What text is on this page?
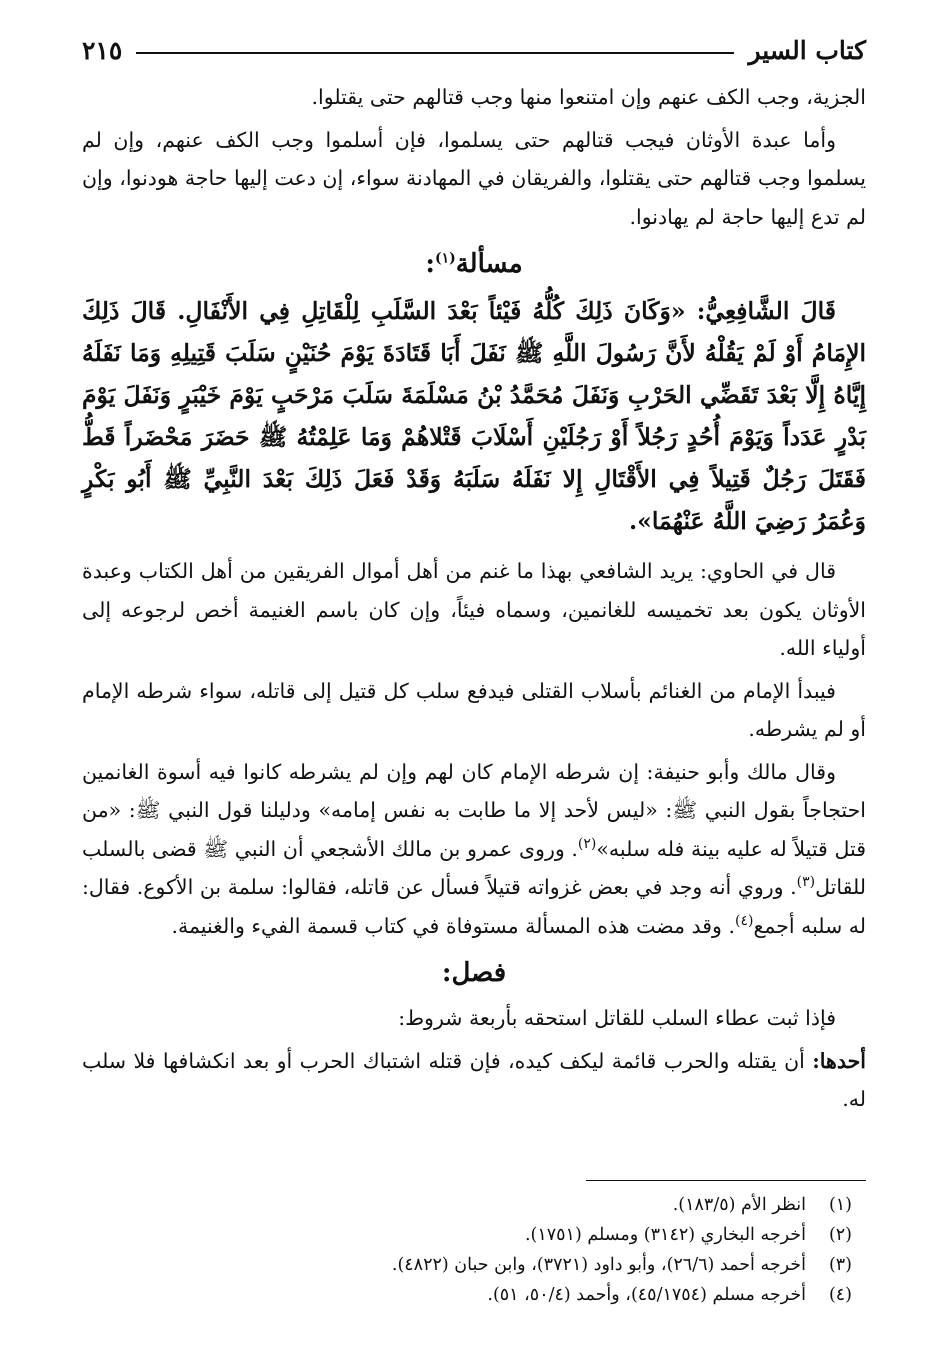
كتاب السير
٢١٥

الجزية، وجب الكف عنهم وإن امتنعوا منها وجب قتالهم حتى يقتلوا.

وأما عبدة الأوثان فيجب قتالهم حتى يسلموا، فإن أسلموا وجب الكف عنهم، وإن لم يسلموا وجب قتالهم حتى يقتلوا، والفريقان في المهادنة سواء، إن دعت إليها حاجة هودنوا، وإن لم تدع إليها حاجة لم يهادنوا.

مسألة$^{(١)}$:

قَالَ الشَّافِعِيُّ: «وَكَانَ ذَلِكَ كُلُّهُ فَيْئاً بَعْدَ السَّلَبِ لِلْقَاتِلِ فِي الأَنْفَالِ. قَالَ ذَلِكَ الإِمَامُ أَوْ لَمْ يَقُلْهُ لأَنَّ رَسُولَ اللَّهِ ﷺ نَفَلَ أَبَا قَتَادَةَ يَوْمَ حُنَيْنٍ سَلَبَ قَتِيلِهِ وَمَا نَفَلَهُ إِيَّاهُ إِلَّا بَعْدَ تَقَضِّي الحَرْبِ وَنَفَلَ مُحَمَّدُ بْنُ مَسْلَمَةَ سَلَبَ مَرْحَبٍ يَوْمَ خَيْبَرٍ وَنَفَلَ يَوْمَ بَدْرٍ عَدَداً وَيَوْمَ أُحُدٍ رَجُلاً أَوْ رَجُلَيْنِ أَسْلَابَ قَتْلاهُمْ وَمَا عَلِمْتُهُ ﷺ حَضَرَ مَحْضَراً قَطُّ فَقَتَلَ رَجُلٌ قَتِيلاً فِي الأَقْتَالِ إِلا نَفَلَهُ سَلَبَهُ وَقَدْ فَعَلَ ذَلِكَ بَعْدَ النَّبِيِّ ﷺ أَبُو بَكْرٍ وَعُمَرُ رَضِيَ اللَّهُ عَنْهُمَا».

قال في الحاوي: يريد الشافعي بهذا ما غنم من أهل أموال الفريقين من أهل الكتاب وعبدة الأوثان يكون بعد تخميسه للغانمين، وسماه فيئاً، وإن كان باسم الغنيمة أخص لرجوعه إلى أولياء الله.

فيبدأ الإمام من الغنائم بأسلاب القتلى فيدفع سلب كل قتيل إلى قاتله، سواء شرطه الإمام أو لم يشرطه.

وقال مالك وأبو حنيفة: إن شرطه الإمام كان لهم وإن لم يشرطه كانوا فيه أسوة الغانمين احتجاجاً بقول النبي ﷺ: «ليس لأحد إلا ما طابت به نفس إمامه» ودليلنا قول النبي ﷺ: «من قتل قتيلاً له عليه بينة فله سلبه»$^{(٢)}$. وروى عمرو بن مالك الأشجعي أن النبي ﷺ قضى بالسلب للقاتل$^{(٣)}$. وروي أنه وجد في بعض غزواته قتيلاً فسأل عن قاتله، فقالوا: سلمة بن الأكوع. فقال: له سلبه أجمع$^{(٤)}$. وقد مضت هذه المسألة مستوفاة في كتاب قسمة الفيء والغنيمة.

فصل:

فإذا ثبت عطاء السلب للقاتل استحقه بأربعة شروط:

أحدها: أن يقتله والحرب قائمة ليكف كيده، فإن قتله اشتباك الحرب أو بعد انكشافها فلا سلب له.

(١)
انظر الأم (١٨٣/٥).
(٢)
أخرجه البخاري (٣١٤٢) ومسلم (١٧٥١).
(٣)
أخرجه أحمد (٢٦/٦)، وأبو داود (٣٧٢١)، وابن حبان (٤٨٢٢).
(٤)
أخرجه مسلم (٤٥/١٧٥٤)، وأحمد (٥٠/٤، ٥١).
